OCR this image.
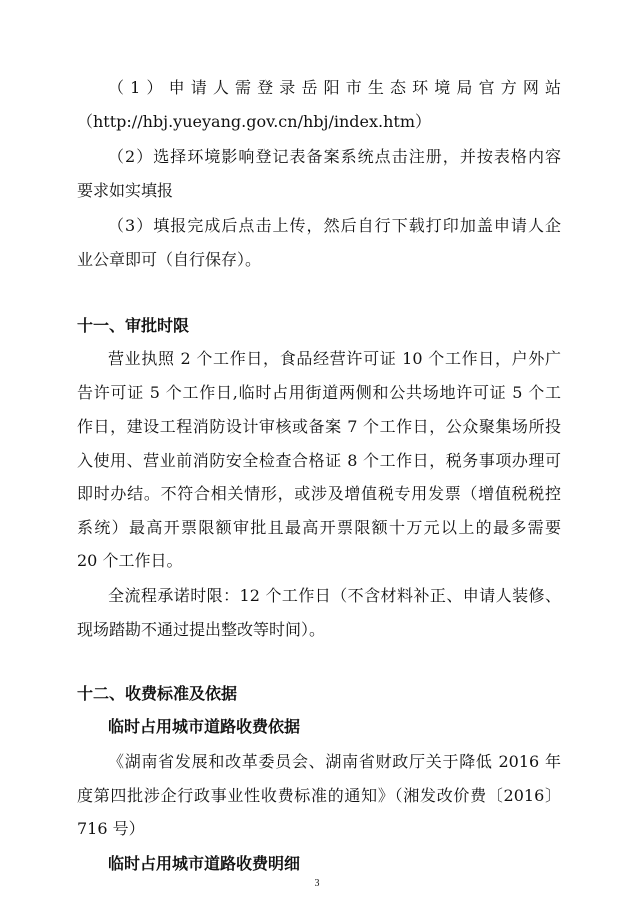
（1）申请人需登录岳阳市生态环境局官方网站
（http://hbj.yueyang.gov.cn/hbj/index.htm）
（2）选择环境影响登记表备案系统点击注册，并按表格内容
要求如实填报
（3）填报完成后点击上传，然后自行下载打印加盖申请人企
业公章即可（自行保存）。
十一、审批时限
营业执照 2 个工作日，食品经营许可证 10 个工作日，户外广
告许可证 5 个工作日,临时占用街道两侧和公共场地许可证 5 个工
作日，建设工程消防设计审核或备案 7 个工作日，公众聚集场所投
入使用、营业前消防安全检查合格证 8 个工作日，税务事项办理可
即时办结。不符合相关情形，或涉及增值税专用发票（增值税税控
系统）最高开票限额审批且最高开票限额十万元以上的最多需要
20 个工作日。
全流程承诺时限：12 个工作日（不含材料补正、申请人装修、
现场踏勘不通过提出整改等时间）。
十二、收费标准及依据
临时占用城市道路收费依据
《湖南省发展和改革委员会、湖南省财政厅关于降低 2016 年
度第四批涉企行政事业性收费标准的通知》（湘发改价费〔2016〕
716 号）
临时占用城市道路收费明细
3
